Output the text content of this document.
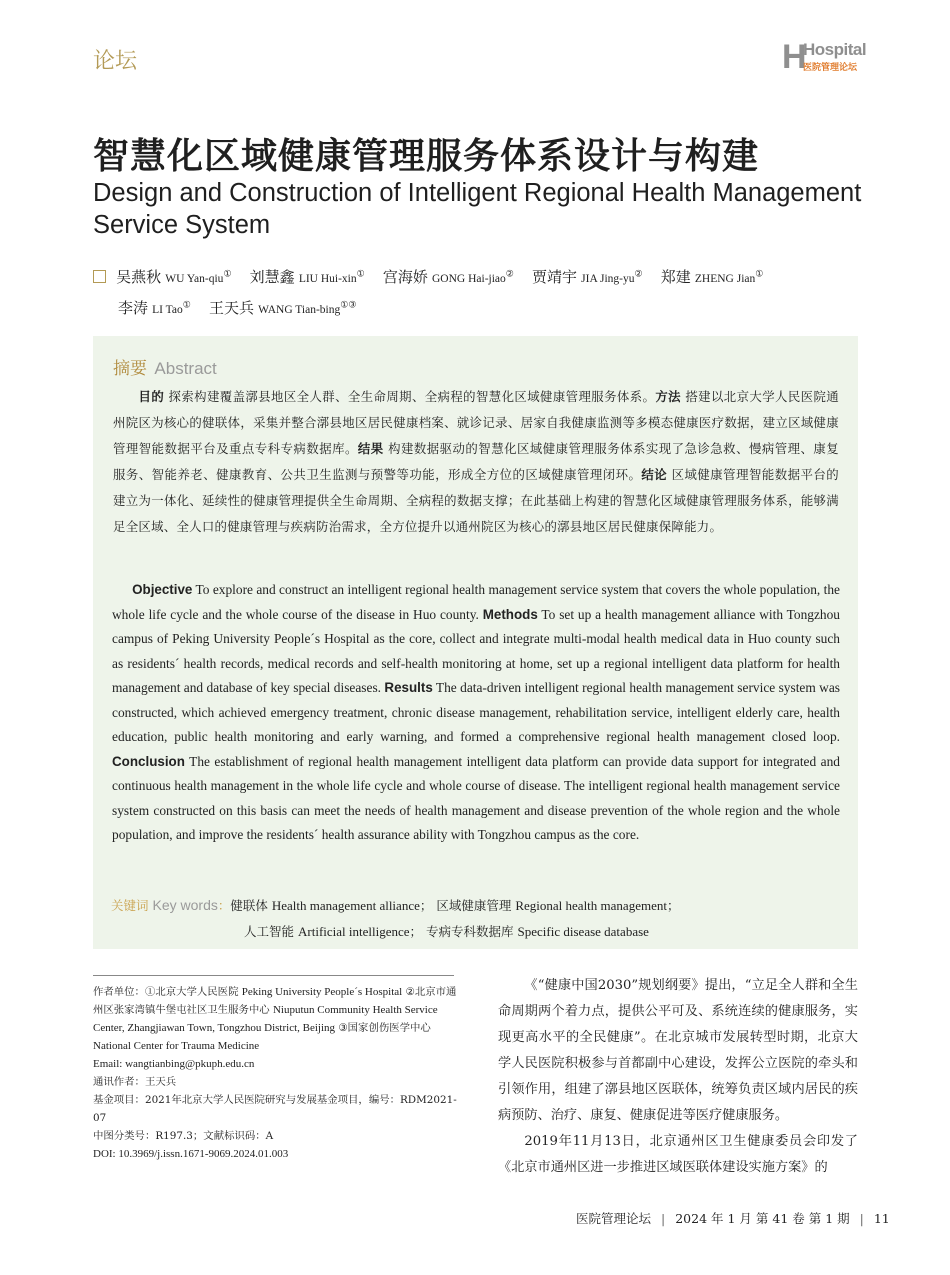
论坛	H
Hospital
医院管理论坛
智慧化区域健康管理服务体系设计与构建
Design and Construction of Intelligent Regional Health Management Service System
吴燕秋 WU Yan-qiu① 刘慧鑫 LIU Hui-xin① 宫海娇 GONG Hai-jiao② 贾靖宇 JIA Jing-yu② 郑建 ZHENG Jian①
李涛 LI Tao① 王天兵 WANG Tian-bing①③
摘要 Abstract
  目的 探索构建覆盖漷县地区全人群、全生命周期、全病程的智慧化区域健康管理服务体系。方法 搭建以北京大学人民医院通州院区为核心的健联体，采集并整合漷县地区居民健康档案、就诊记录、居家自我健康监测等多模态健康医疗数据，建立区域健康管理智能数据平台及重点专科专病数据库。结果 构建数据驱动的智慧化区域健康管理服务体系实现了急诊急救、慢病管理、康复服务、智能养老、健康教育、公共卫生监测与预警等功能，形成全方位的区域健康管理闭环。结论 区域健康管理智能数据平台的建立为一体化、延续性的健康管理提供全生命周期、全病程的数据支撑；在此基础上构建的智慧化区域健康管理服务体系，能够满足全区域、全人口的健康管理与疾病防治需求，全方位提升以通州院区为核心的漷县地区居民健康保障能力。
  Objective To explore and construct an intelligent regional health management service system that covers the whole population, the whole life cycle and the whole course of the disease in Huo county. Methods To set up a health management alliance with Tongzhou campus of Peking University People´s Hospital as the core, collect and integrate multi-modal health medical data in Huo county such as residents´ health records, medical records and self-health monitoring at home, set up a regional intelligent data platform for health management and database of key special diseases. Results The data-driven intelligent regional health management service system was constructed, which achieved emergency treatment, chronic disease management, rehabilitation service, intelligent elderly care, health education, public health monitoring and early warning, and formed a comprehensive regional health management closed loop. Conclusion The establishment of regional health management intelligent data platform can provide data support for integrated and continuous health management in the whole life cycle and whole course of disease. The intelligent regional health management service system constructed on this basis can meet the needs of health management and disease prevention of the whole region and the whole population, and improve the residents´ health assurance ability with Tongzhou campus as the core.
关键词 Key words：健联体 Health management alliance； 区域健康管理 Regional health management；
人工智能 Artificial intelligence； 专病专科数据库 Specific disease database
作者单位：①北京大学人民医院 Peking University People´s Hospital ②北京市通州区张家湾镇牛堡屯社区卫生服务中心 Niuputun Community Health Service Center, Zhangjiawan Town, Tongzhou District, Beijing ③国家创伤医学中心 National Center for Trauma Medicine
Email: wangtianbing@pkuph.edu.cn
通讯作者：王天兵
基金项目：2021年北京大学人民医院研究与发展基金项目，编号：RDM2021-07
中图分类号：R197.3；文献标识码：A
DOI: 10.3969/j.issn.1671-9069.2024.01.003

《“健康中国2030”规划纲要》提出，“立足全人群和全生命周期两个着力点，提供公平可及、系统连续的健康服务，实现更高水平的全民健康”。在北京城市发展转型时期，北京大学人民医院积极参与首都副中心建设，发挥公立医院的牵头和引领作用，组建了漷县地区医联体，统筹负责区域内居民的疾病预防、治疗、康复、健康促进等医疗健康服务。

2019年11月13日，北京通州区卫生健康委员会印发了《北京市通州区进一步推进区域医联体建设实施方案》的

医院管理论坛 | 2024 年 1 月 第 41 卷 第 1 期 | 11
